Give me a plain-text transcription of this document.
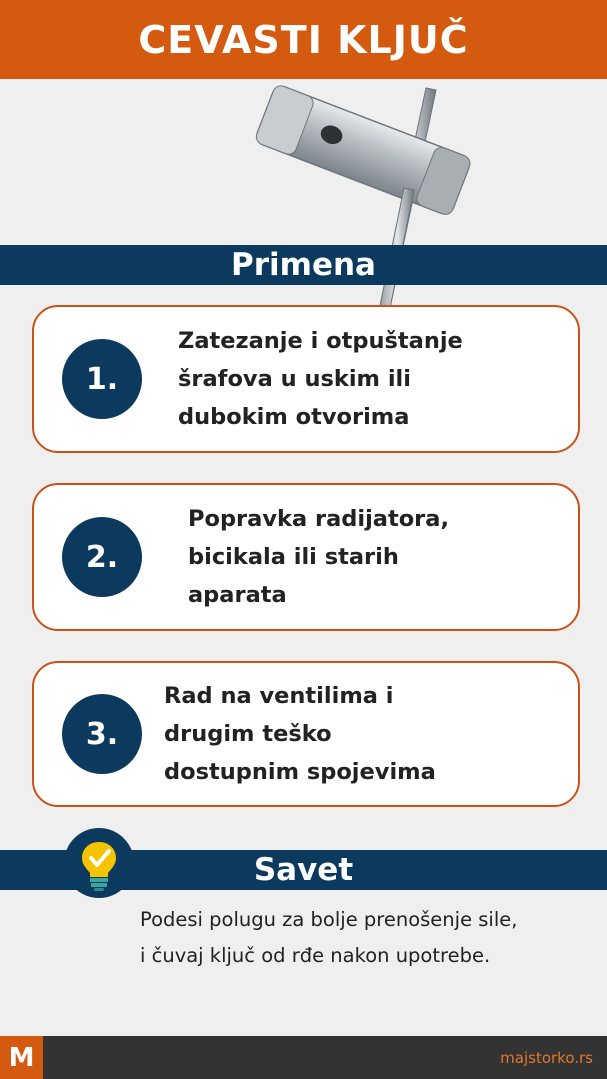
CEVASTI KLJUČ
Primena
1.
Zatezanje i otpuštanje
šrafova u uskim ili
dubokim otvorima
2.
Popravka radijatora,
bicikala ili starih
aparata
3.
Rad na ventilima i
drugim teško
dostupnim spojevima
Savet
Podesi polugu za bolje prenošenje sile,
i čuvaj ključ od rđe nakon upotrebe.
M	majstorko.rs
